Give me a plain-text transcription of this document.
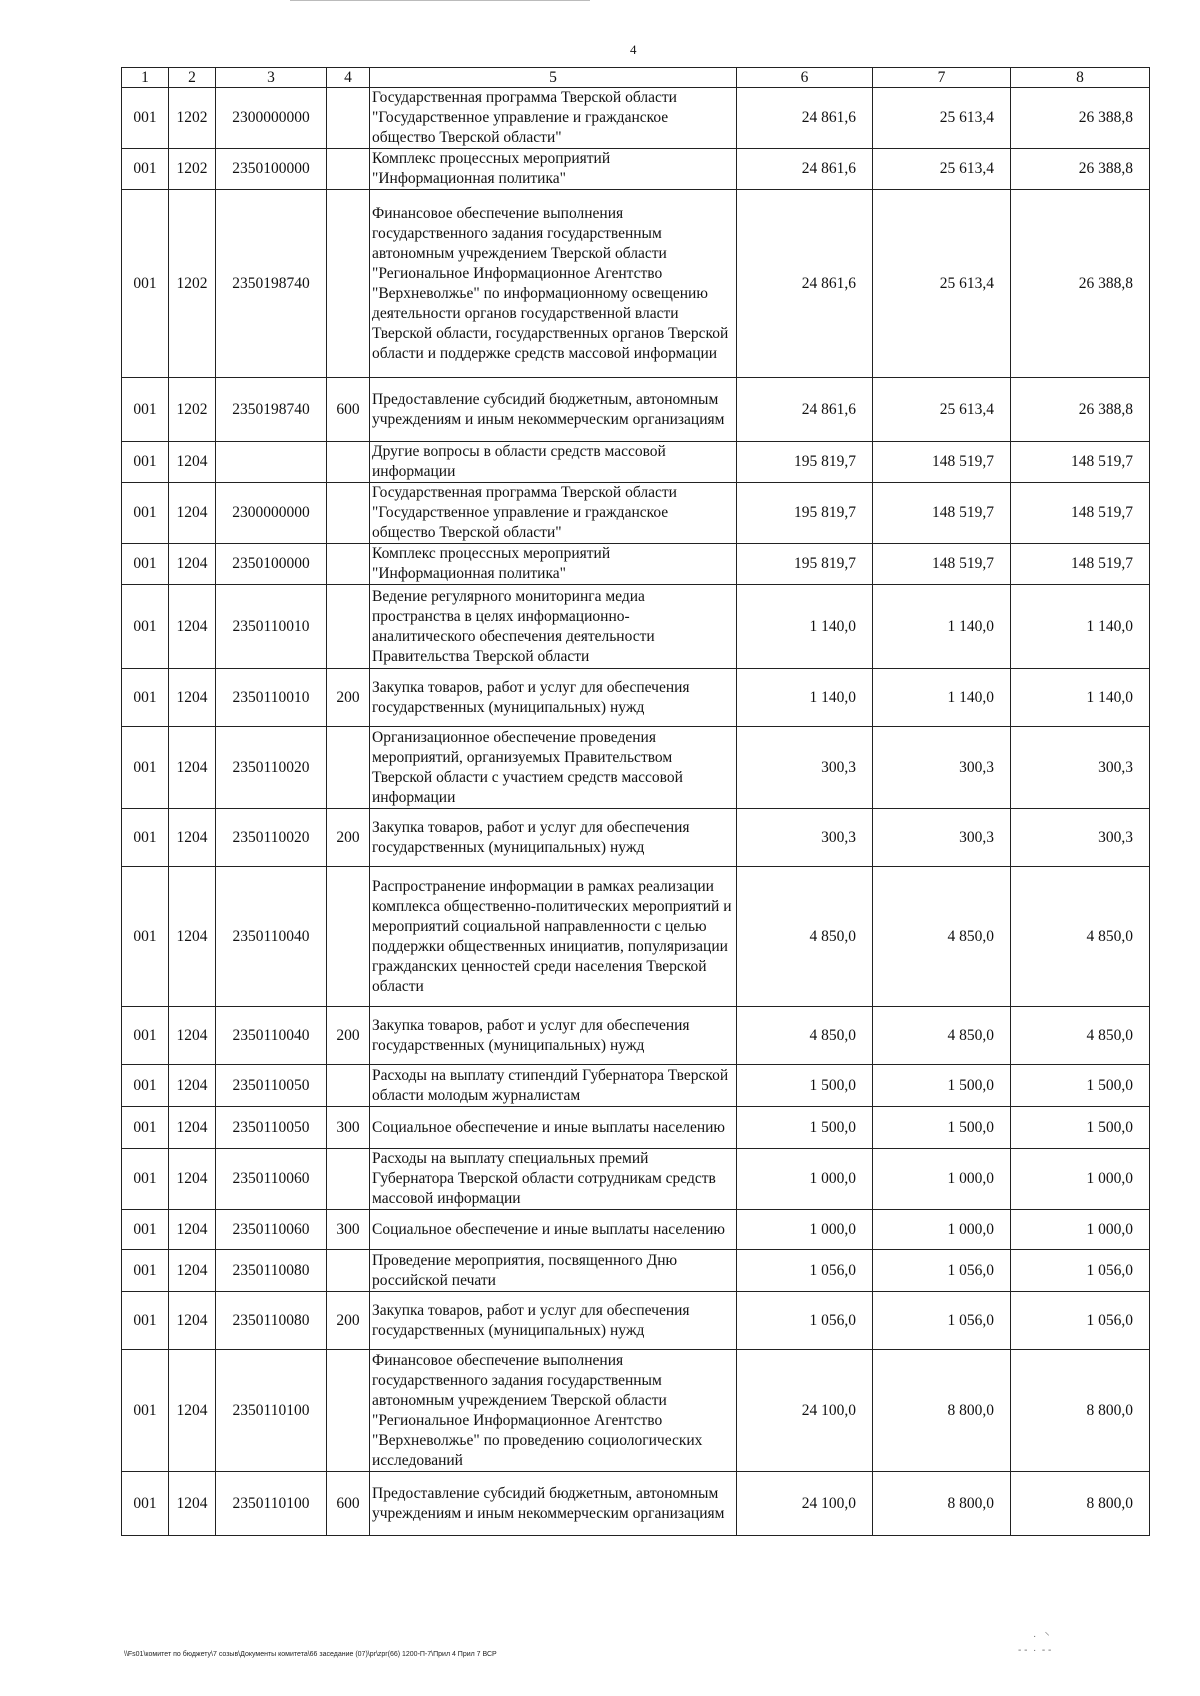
4
1	2	3	4	5	6	7	8
001	1202	2300000000		Государственная программа Тверской области "Государственное управление и гражданское общество Тверской области"	24 861,6	25 613,4	26 388,8
001	1202	2350100000		Комплекс процессных мероприятий "Информационная политика"	24 861,6	25 613,4	26 388,8
001	1202	2350198740		Финансовое обеспечение выполнения государственного задания государственным автономным учреждением Тверской области "Региональное Информационное Агентство "Верхневолжье" по информационному освещению деятельности органов государственной власти Тверской области, государственных органов Тверской области и поддержке средств массовой информации	24 861,6	25 613,4	26 388,8
001	1202	2350198740	600	Предоставление субсидий бюджетным, автономным учреждениям и иным некоммерческим организациям	24 861,6	25 613,4	26 388,8
001	1204			Другие вопросы в области средств массовой информации	195 819,7	148 519,7	148 519,7
001	1204	2300000000		Государственная программа Тверской области "Государственное управление и гражданское общество Тверской области"	195 819,7	148 519,7	148 519,7
001	1204	2350100000		Комплекс процессных мероприятий "Информационная политика"	195 819,7	148 519,7	148 519,7
001	1204	2350110010		Ведение регулярного мониторинга медиа пространства в целях информационно-аналитического обеспечения деятельности Правительства Тверской области	1 140,0	1 140,0	1 140,0
001	1204	2350110010	200	Закупка товаров, работ и услуг для обеспечения государственных (муниципальных) нужд	1 140,0	1 140,0	1 140,0
001	1204	2350110020		Организационное обеспечение проведения мероприятий, организуемых Правительством Тверской области с участием средств массовой информации	300,3	300,3	300,3
001	1204	2350110020	200	Закупка товаров, работ и услуг для обеспечения государственных (муниципальных) нужд	300,3	300,3	300,3
001	1204	2350110040		Распространение информации в рамках реализации комплекса общественно-политических мероприятий и мероприятий социальной направленности с целью поддержки общественных инициатив, популяризации гражданских ценностей среди населения Тверской области	4 850,0	4 850,0	4 850,0
001	1204	2350110040	200	Закупка товаров, работ и услуг для обеспечения государственных (муниципальных) нужд	4 850,0	4 850,0	4 850,0
001	1204	2350110050		Расходы на выплату стипендий Губернатора Тверской области молодым журналистам	1 500,0	1 500,0	1 500,0
001	1204	2350110050	300	Социальное обеспечение и иные выплаты населению	1 500,0	1 500,0	1 500,0
001	1204	2350110060		Расходы на выплату специальных премий Губернатора Тверской области сотрудникам средств массовой информации	1 000,0	1 000,0	1 000,0
001	1204	2350110060	300	Социальное обеспечение и иные выплаты населению	1 000,0	1 000,0	1 000,0
001	1204	2350110080		Проведение мероприятия, посвященного Дню российской печати	1 056,0	1 056,0	1 056,0
001	1204	2350110080	200	Закупка товаров, работ и услуг для обеспечения государственных (муниципальных) нужд	1 056,0	1 056,0	1 056,0
001	1204	2350110100		Финансовое обеспечение выполнения государственного задания государственным автономным учреждением Тверской области "Региональное Информационное Агентство "Верхневолжье" по проведению социологических исследований	24 100,0	8 800,0	8 800,0
001	1204	2350110100	600	Предоставление субсидий бюджетным, автономным учреждениям и иным некоммерческим организациям	24 100,0	8 800,0	8 800,0
\\Fs01\комитет по бюджету\7 созыв\Документы комитета\66 заседание (07)\pr\zpr(66) 1200-П-7\Прил 4 Прил 7 ВСР
·   ⸌
- -  ·  ‑ ‑
